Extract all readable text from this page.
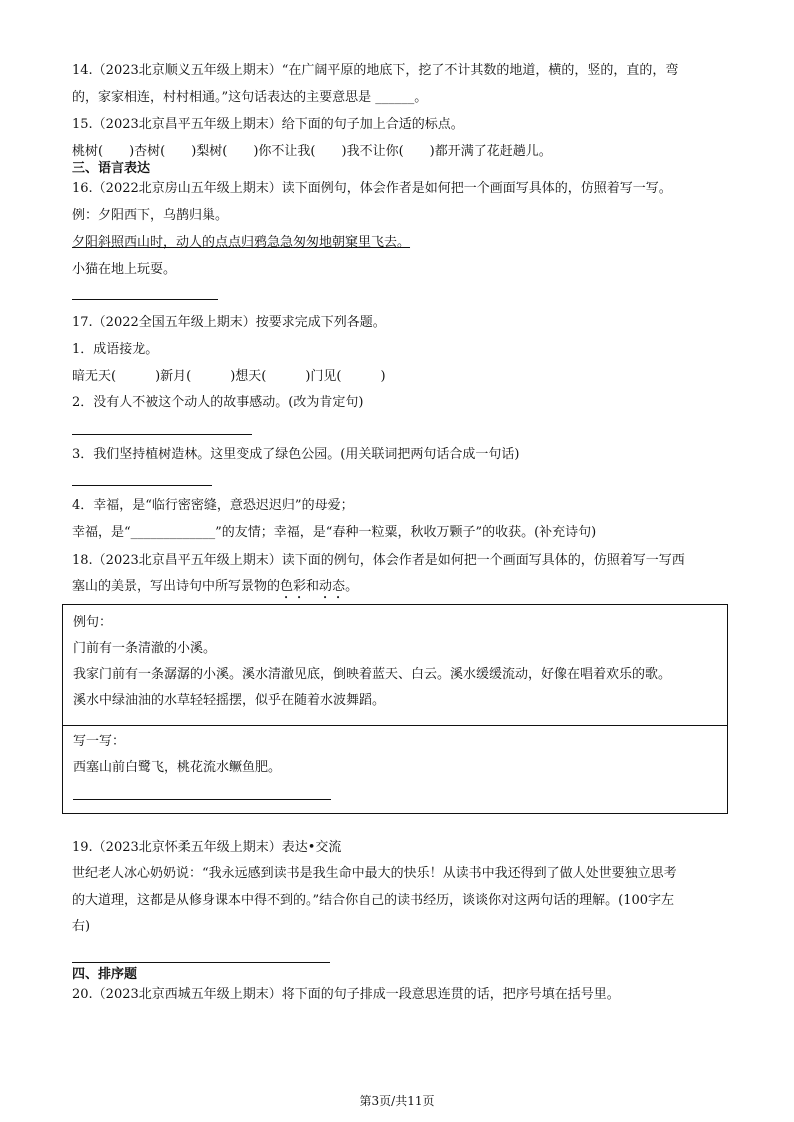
14.（2023北京顺义五年级上期末）“在广阔平原的地底下，挖了不计其数的地道，横的，竖的，直的，弯
的，家家相连，村村相通。”这句话表达的主要意思是 ______。
15.（2023北京昌平五年级上期末）给下面的句子加上合适的标点。
桃树(　　)杏树(　　)梨树(　　)你不让我(　　)我不让你(　　)都开满了花赶趟儿。
三、语言表达
16.（2022北京房山五年级上期末）读下面例句，体会作者是如何把一个画面写具体的，仿照着写一写。
例：夕阳西下，乌鹊归巢。
夕阳斜照西山时，动人的点点归鸦急急匆匆地朝窠里飞去。
小猫在地上玩耍。
17.（2022全国五年级上期末）按要求完成下列各题。
1．成语接龙。
暗无天(　　　)新月(　　　)想天(　　　)门见(　　　)
2．没有人不被这个动人的故事感动。(改为肯定句)
3．我们坚持植树造林。这里变成了绿色公园。(用关联词把两句话合成一句话)
4．幸福，是“临行密密缝，意恐迟迟归”的母爱；
幸福，是“_____________”的友情；幸福，是“春种一粒粟，秋收万颗子”的收获。(补充诗句)
18.（2023北京昌平五年级上期末）读下面的例句，体会作者是如何把一个画面写具体的，仿照着写一写西
塞山的美景，写出诗句中所写景物的色彩和动态。
例句：
门前有一条清澈的小溪。
我家门前有一条潺潺的小溪。溪水清澈见底，倒映着蓝天、白云。溪水缓缓流动，好像在唱着欢乐的歌。
溪水中绿油油的水草轻轻摇摆，似乎在随着水波舞蹈。
写一写：
西塞山前白鹭飞，桃花流水鳜鱼肥。
19.（2023北京怀柔五年级上期末）表达•交流
世纪老人冰心奶奶说：“我永远感到读书是我生命中最大的快乐！从读书中我还得到了做人处世要独立思考
的大道理，这都是从修身课本中得不到的。”结合你自己的读书经历，谈谈你对这两句话的理解。(100字左
右)
四、排序题
20.（2023北京西城五年级上期末）将下面的句子排成一段意思连贯的话，把序号填在括号里。
第3页/共11页
